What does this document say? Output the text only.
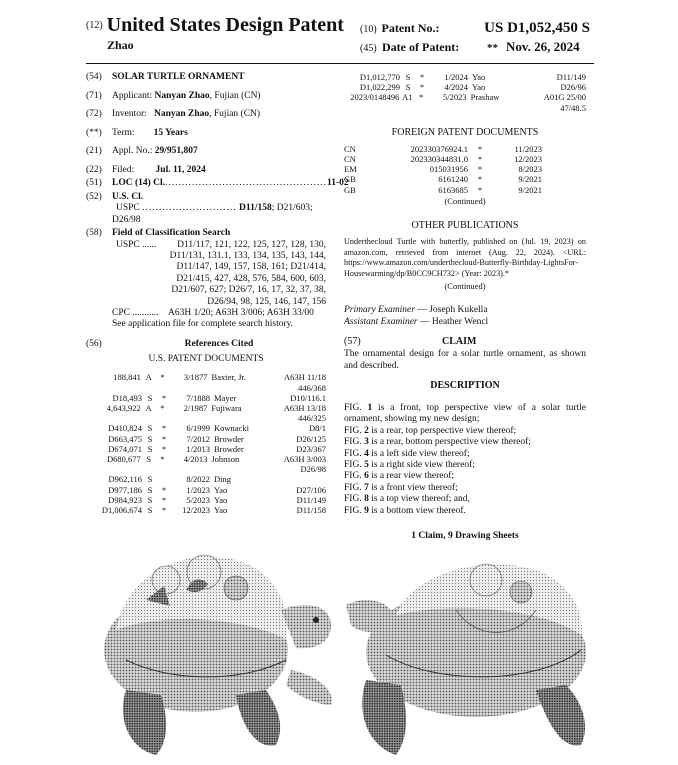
(12) United States Design Patent
Zhao
(10) Patent No.:	US D1,052,450 S
(45) Date of Patent:	** Nov. 26, 2024
(54)	SOLAR TURTLE ORNAMENT
(71)	Applicant: Nanyan Zhao, Fujian (CN)
(72)	Inventor: Nanyan Zhao, Fujian (CN)
(**)	Term: 15 Years
(21)	Appl. No.: 29/951,807
(22)	Filed: Jul. 11, 2024
(51)	LOC (14) Cl. ................................................ 11-02
(52)	U.S. Cl.
USPC ............................ D11/158; D21/603; D26/98
(58)	Field of Classification Search
USPC ......	D11/117, 121, 122, 125, 127, 128, 130, D11/131, 131.1, 133, 134, 135, 143, 144, D11/147, 149, 157, 158, 161; D21/414, D21/415, 427, 428, 576, 584, 600, 603, D21/607, 627; D26/7, 16, 17, 32, 37, 38, D26/94, 98, 125, 146, 147, 156
CPC ...........	A63H 1/20; A63H 3/006; A63H 33/00
See application file for complete search history.
(56)	References Cited
U.S. PATENT DOCUMENTS
188,841 A	*	3/1877 Baxter, Jr.	A63H 11/18
446/368
D18,493 S	*	7/1888 Mayer	D10/116.1
4,643,922 A	*	2/1987 Fujiwara	A63H 13/18
446/325
D410,824 S	*	6/1999 Kownacki	D8/1
D663,475 S	*	7/2012 Browder	D26/125
D674,071 S	*	1/2013 Browder	D23/367
D680,677 S	*	4/2013 Johnson	A63H 3/003
D26/98
D962,116 S	8/2022 Ding
D977,186 S	*	1/2023 Yao	D27/106
D984,923 S	*	5/2023 Yao	D11/149
D1,006,674 S	*	12/2023 Yao	D11/158
D1,012,770 S	*	1/2024 Yao	D11/149
D1,022,299 S	*	4/2024 Yao	D26/96
2023/0148496 A1 *	5/2023 Prashaw	A01G 25/00
47/48.5
FOREIGN PATENT DOCUMENTS
CN	202330376924.1	*	11/2023
CN	202330344831.0	*	12/2023
EM	015031956	*	8/2023
GB	6161240	*	9/2021
GB	6163685	*	9/2021
(Continued)
OTHER PUBLICATIONS
Underthecloud Turtle with butterfly, published on (Jul. 19, 2023) on amazon.com, retrieved from internet (Aug. 22, 2024). <URL: https://www.amazon.com/underthecloud-Butterfly-Birthday-LightsFor-Housewarming/dp/B0CC9CH732> (Year: 2023).*
(Continued)
Primary Examiner — Joseph Kukella
Assistant Examiner — Heather Wencl
(57)	CLAIM
The ornamental design for a solar turtle ornament, as shown and described.
DESCRIPTION
FIG. 1 is a front, top perspective view of a solar turtle ornament, showing my new design;
FIG. 2 is a rear, top perspective view thereof;
FIG. 3 is a rear, bottom perspective view thereof;
FIG. 4 is a left side view thereof;
FIG. 5 is a right side view thereof;
FIG. 6 is a rear view thereof;
FIG. 7 is a front view thereof;
FIG. 8 is a top view thereof; and,
FIG. 9 is a bottom view thereof.
1 Claim, 9 Drawing Sheets
